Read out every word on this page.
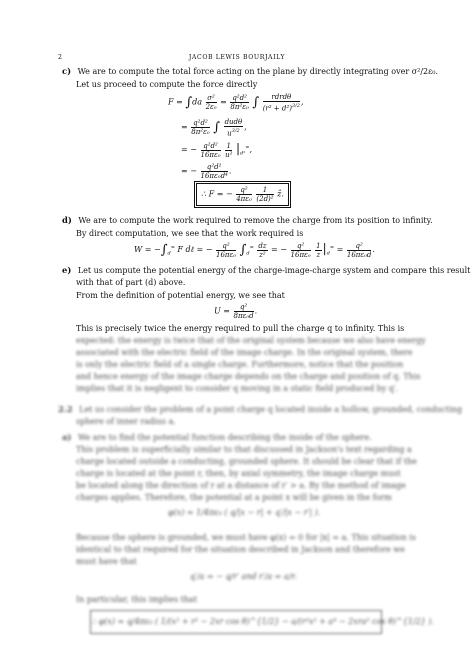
2	JACOB LEWIS BOURJAILY
c) We are to compute the total force acting on the plane by directly integrating over σ²/2ε₀.
Let us proceed to compute the force directly
$F = \int da \frac{\text{σ²}}{\text{2ε₀}} = \frac{\text{q²d²}}{\text{8π²ε₀}}$ ∫ $\frac{\text{rdrdθ}}{(r^2 + d^2)^{3/2}}$ ,
= $\frac{\text{q²d²}}{\text{8π²ε₀}}$ ∫ $\frac{\text{dudθ}}{u^{3/2}}$ ,
= − $\frac{\text{q²d²}}{\text{16πε₀}}$
$\frac{1}{\text{u²}} |_{d^2}^\infty$,
= − $\frac{\text{q²d²}}{\text{16πε₀d⁴}}$ .
∴ F = − $\frac{\text{q²}}{\text{4πε₀}}$
$\frac{1}{\text{(2d)²}}$ ẑ.
d) We are to compute the work required to remove the charge from its position to infinity.
By direct computation, we see that the work required is
$W = -\int_d^\infty$ F dℓ = − $\frac{\text{q²}}{\text{16πε₀}} \int_d^\infty \frac{dz}{\text{z²}}$ = − $\frac{\text{q²}}{\text{16πε₀}}$
$\frac{1}{z} |_d^\infty = \frac{\text{q²}}{\text{16πε₀d}}$ .
e) Let us compute the potential energy of the charge-image-charge system and compare this result
with that of part (d) above.
From the definition of potential energy, we see that
$U = \frac{\text{q²}}{\text{8πε₀d}}$ .
This is precisely twice the energy required to pull the charge q to infinity. This is
expected: the energy is twice that of the original system because we also have energy
associated with the electric field of the image charge. In the original system, there
is only the electric field of a single charge. Furthermore, notice that the position
and hence energy of the image charge depends on the charge and position of q. This
implies that it is negligent to consider q moving in a static field produced by q′.
2.2 Let us consider the problem of a point charge q located inside a hollow, grounded, conducting
sphere of inner radius a.
a) We are to find the potential function describing the inside of the sphere.
This problem is superficially similar to that discussed in Jackson's text regarding a
charge located outside a conducting, grounded sphere. It should be clear that if the
charge is located at the point r, then, by axial symmetry, the image charge must
be located along the direction of r at a distance of r′ > a. By the method of image
charges applies. Therefore, the potential at a point x will be given in the form
φ(x) = 1/4πε₀ ( q/|x − r| + q′/|x − r′| ).
Because the sphere is grounded, we must have φ(x) = 0 for |x| = a. This situation is
identical to that required for the situation described in Jackson and therefore we
must have that
q′/a = − q/r′ and r′/a = a/r.
In particular, this implies that
∴ φ(x) = q/4πε₀ ( 1/(x² + r² − 2xr cos θ)^{1/2} − a/(r²x² + a⁴ − 2xra² cos θ)^{1/2} ).
